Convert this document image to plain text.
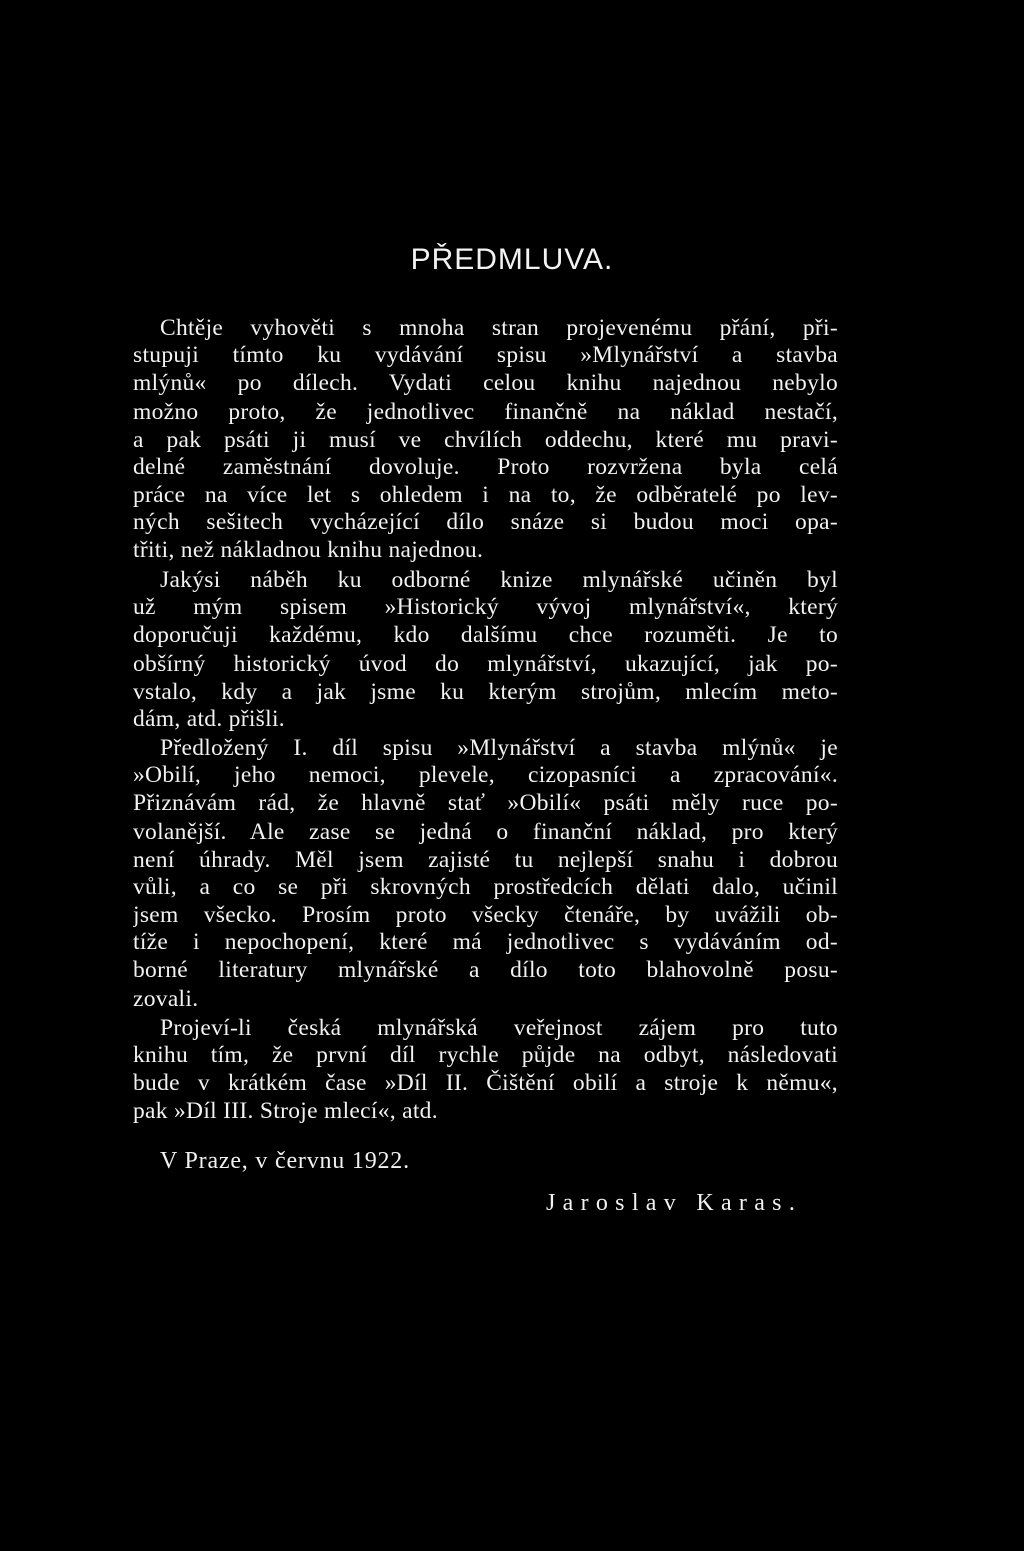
PŘEDMLUVA.
Chtěje vyhověti s mnoha stran projevenému přání, při-
stupuji tímto ku vydávání spisu »Mlynářství a stavba
mlýnů« po dílech. Vydati celou knihu najednou nebylo
možno proto, že jednotlivec finančně na náklad nestačí,
a pak psáti ji musí ve chvílích oddechu, které mu pravi-
delné zaměstnání dovoluje. Proto rozvržena byla celá
práce na více let s ohledem i na to, že odběratelé po lev-
ných sešitech vycházející dílo snáze si budou moci opa-
třiti, než nákladnou knihu najednou.
Jakýsi náběh ku odborné knize mlynářské učiněn byl
už mým spisem »Historický vývoj mlynářství«, který
doporučuji každému, kdo dalšímu chce rozuměti. Je to
obšírný historický úvod do mlynářství, ukazující, jak po-
vstalo, kdy a jak jsme ku kterým strojům, mlecím meto-
dám, atd. přišli.
Předložený I. díl spisu »Mlynářství a stavba mlýnů« je
»Obilí, jeho nemoci, plevele, cizopasníci a zpracování«.
Přiznávám rád, že hlavně stať »Obilí« psáti měly ruce po-
volanější. Ale zase se jedná o finanční náklad, pro který
není úhrady. Měl jsem zajisté tu nejlepší snahu i dobrou
vůli, a co se při skrovných prostředcích dělati dalo, učinil
jsem všecko. Prosím proto všecky čtenáře, by uvážili ob-
tíže i nepochopení, které má jednotlivec s vydáváním od-
borné literatury mlynářské a dílo toto blahovolně posu-
zovali.
Projeví-li česká mlynářská veřejnost zájem pro tuto
knihu tím, že první díl rychle půjde na odbyt, následovati
bude v krátkém čase »Díl II. Čištění obilí a stroje k němu«,
pak »Díl III. Stroje mlecí«, atd.
V Praze, v červnu 1922.
Jaroslav Karas.
